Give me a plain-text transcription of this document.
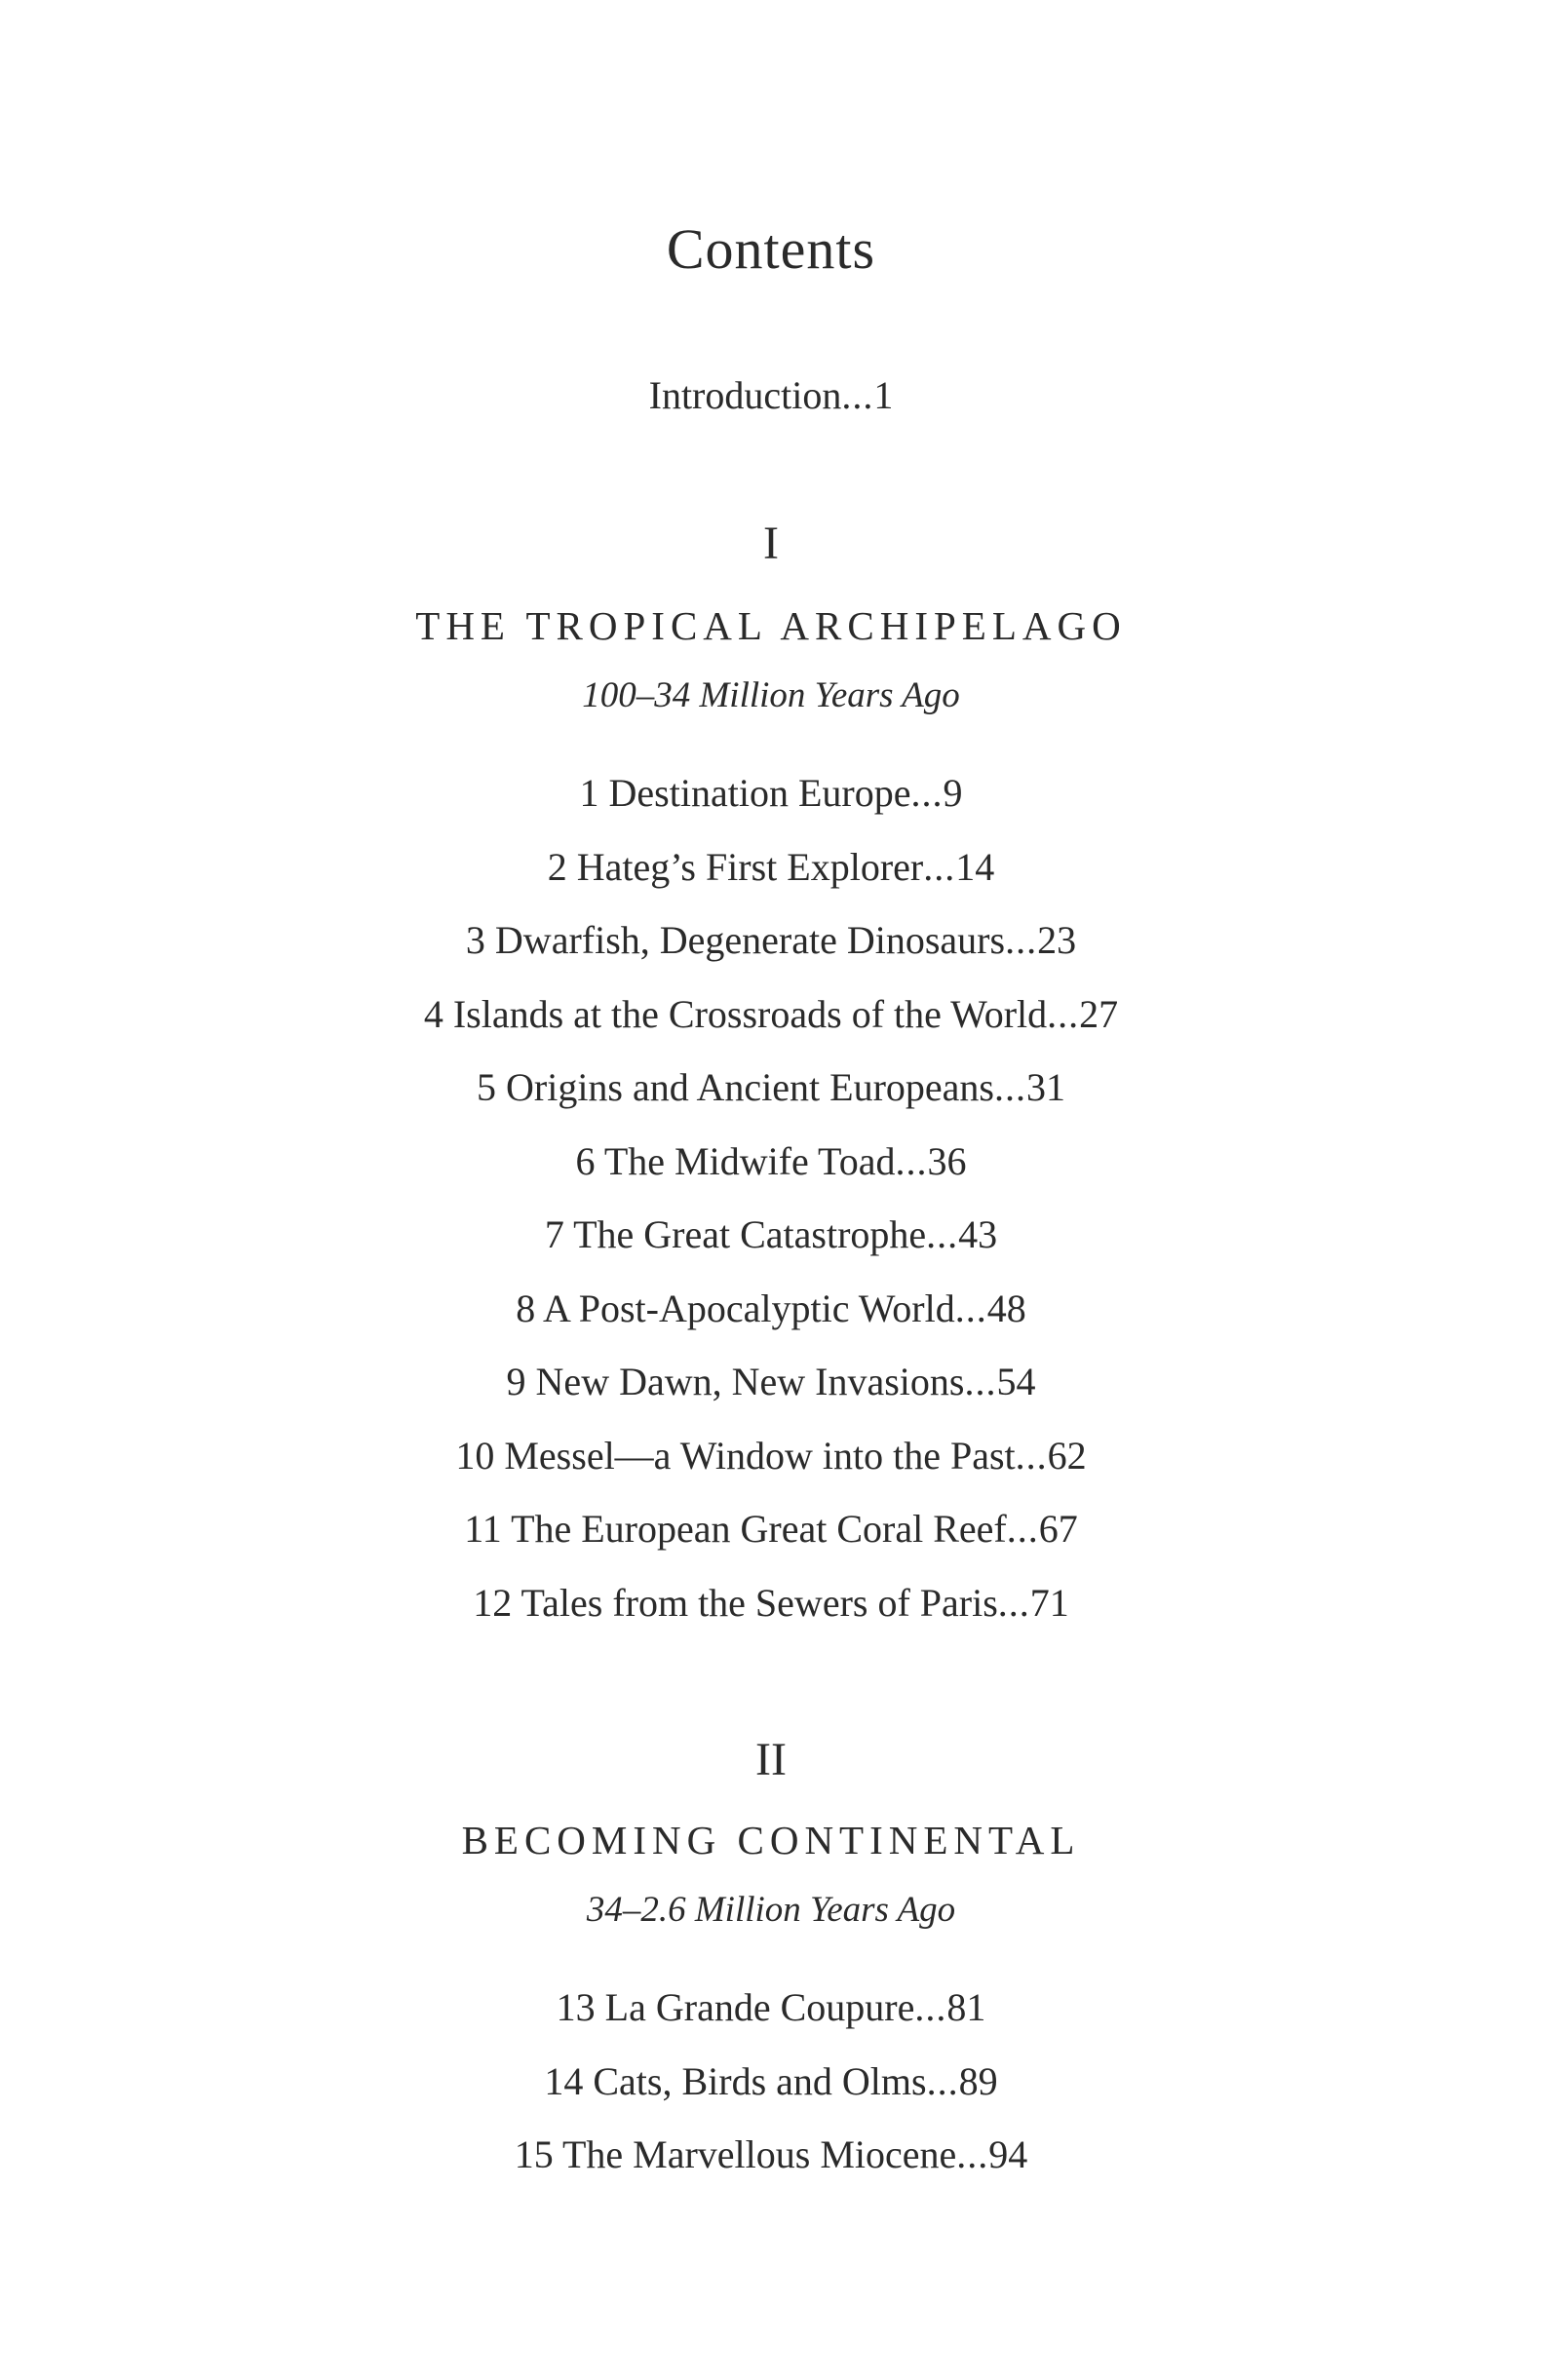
Contents
Introduction...1
I
THE TROPICAL ARCHIPELAGO
100–34 Million Years Ago
1 Destination Europe...9
2 Hateg’s First Explorer...14
3 Dwarfish, Degenerate Dinosaurs...23
4 Islands at the Crossroads of the World...27
5 Origins and Ancient Europeans...31
6 The Midwife Toad...36
7 The Great Catastrophe...43
8 A Post-Apocalyptic World...48
9 New Dawn, New Invasions...54
10 Messel—a Window into the Past...62
11 The European Great Coral Reef...67
12 Tales from the Sewers of Paris...71
II
BECOMING CONTINENTAL
34–2.6 Million Years Ago
13 La Grande Coupure...81
14 Cats, Birds and Olms...89
15 The Marvellous Miocene...94
